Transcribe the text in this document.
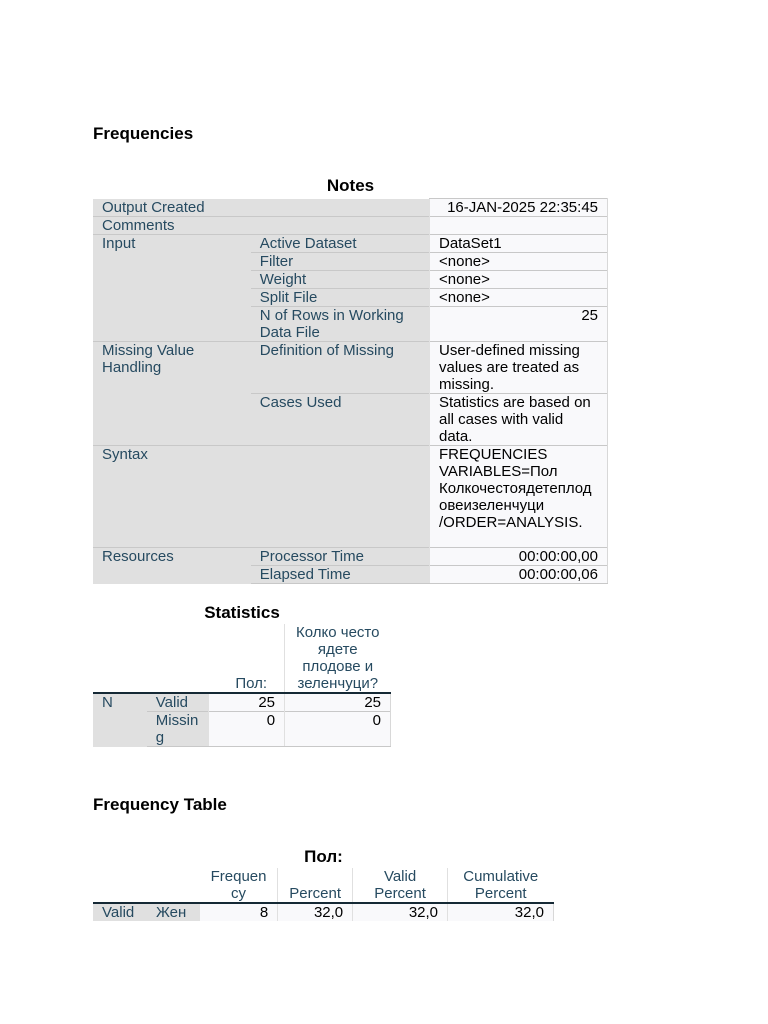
Frequencies
Notes
Output Created		16-JAN-2025 22:35:45
Comments		
Input	Active Dataset	DataSet1
	Filter	<none>
	Weight	<none>
	Split File	<none>
	N of Rows in Working Data File	25
Missing Value Handling	Definition of Missing	User-defined missing values are treated as missing.
	Cases Used	Statistics are based on all cases with valid data.
Syntax		FREQUENCIES
VARIABLES=Пол
Колкочестоядетеплод
овеизеленчуци
/ORDER=ANALYSIS.

Resources	Processor Time	00:00:00,00
	Elapsed Time	00:00:00,06
Statistics
		Пол:	Колко често ядете плодове и зеленчуци?
N	Valid	25	25
	Missing	0	0
Frequency Table
Пол:
		Frequency	Percent	Valid Percent	Cumulative Percent
Valid	Жен	8	32,0	32,0	32,0
